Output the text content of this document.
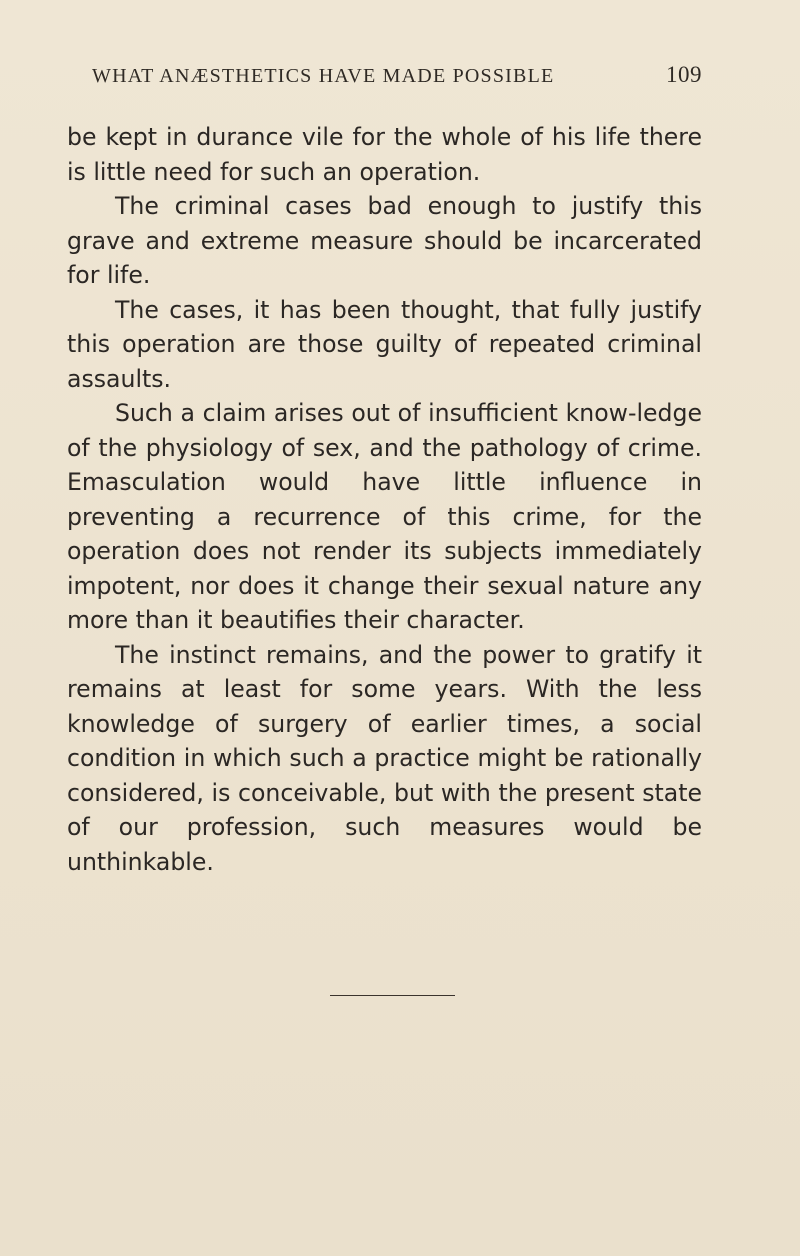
WHAT ANÆSTHETICS HAVE MADE POSSIBLE	109

be kept in durance vile for the whole of his life there is little need for such an operation.

The criminal cases bad enough to justify this grave and extreme measure should be incarcerated for life.

The cases, it has been thought, that fully justify this operation are those guilty of repeated criminal assaults.

Such a claim arises out of insufficient know-ledge of the physiology of sex, and the pathology of crime. Emasculation would have little influence in preventing a recurrence of this crime, for the operation does not render its subjects immediately impotent, nor does it change their sexual nature any more than it beautifies their character.

The instinct remains, and the power to gratify it remains at least for some years. With the less knowledge of surgery of earlier times, a social condition in which such a practice might be rationally considered, is conceivable, but with the present state of our profession, such measures would be unthinkable.
